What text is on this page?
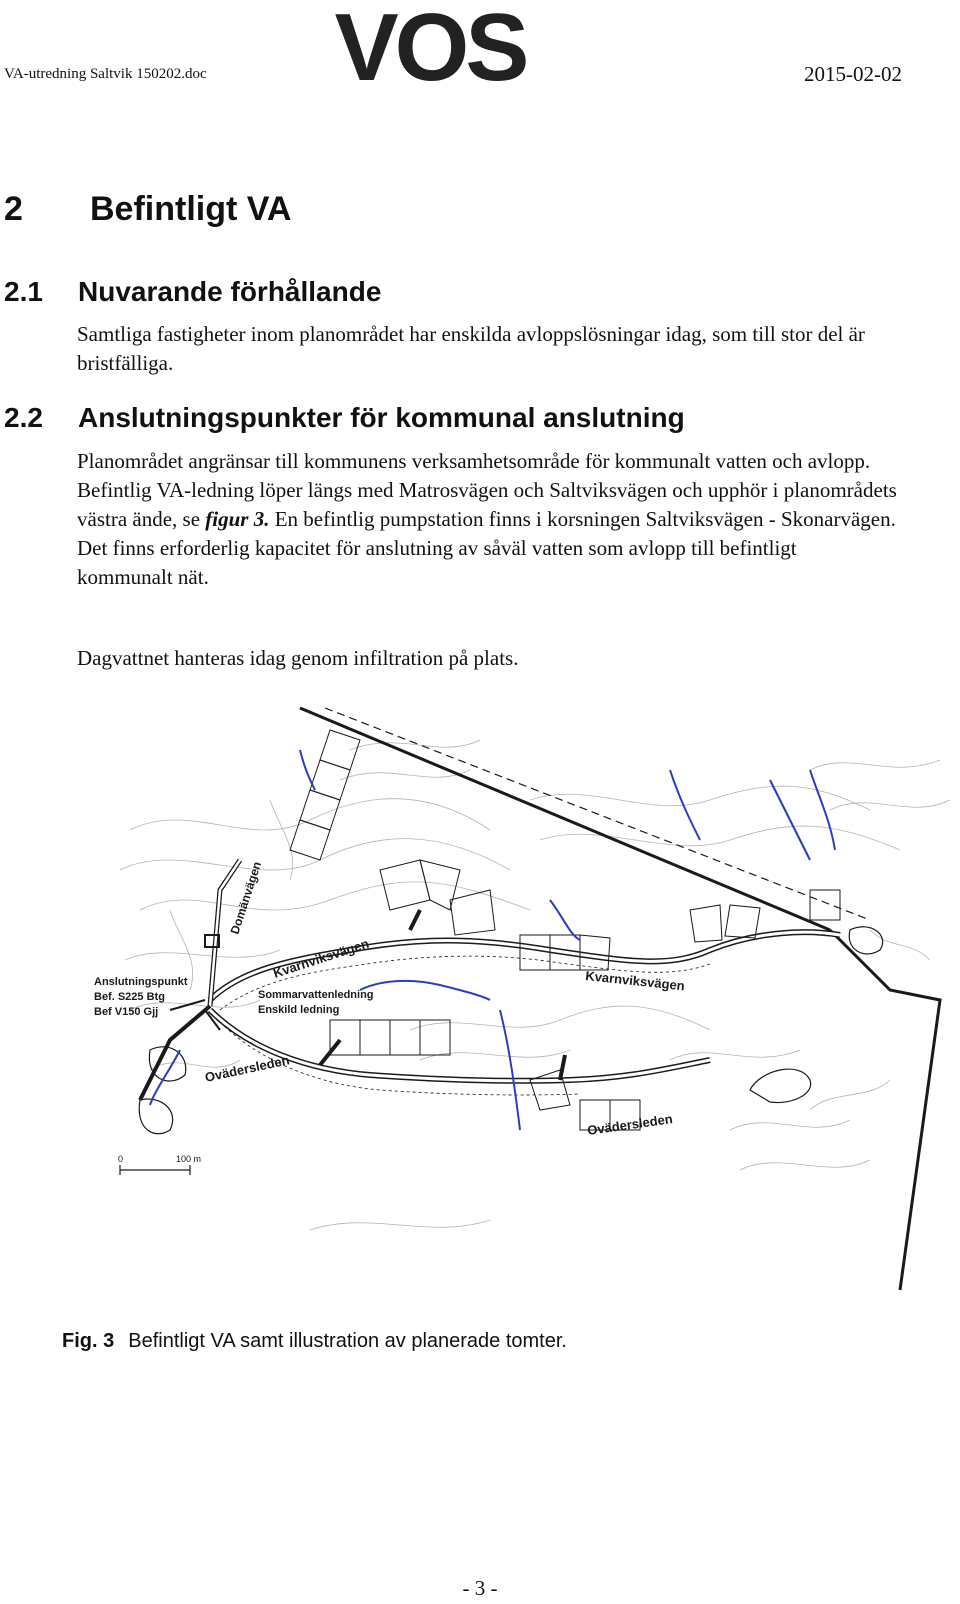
VA-utredning Saltvik 150202.doc VOS	2015-02-02
2 Befintligt VA
2.1 Nuvarande förhållande

Samtliga fastigheter inom planområdet har enskilda avloppslösningar idag, som till stor del är bristfälliga.

2.2 Anslutningspunkter för kommunal anslutning

Planområdet angränsar till kommunens verksamhetsområde för kommunalt vatten och avlopp. Befintlig VA-ledning löper längs med Matrosvägen och Saltviksvägen och upphör i planområdets västra ände, se figur 3. En befintlig pumpstation finns i korsningen Saltviksvägen - Skonarvägen. Det finns erforderlig kapacitet för anslutning av såväl vatten som avlopp till befintligt kommunalt nät.

Dagvattnet hanteras idag genom infiltration på plats.

0	100 m
Domänvägen
Kvarnviksvägen	Kvarnviksvägen
Ovädersleden
Ovädersleden
Anslutningspunkt
Bef. S225 Btg
Bef V150 Gjj
Sommarvattenledning
Enskild ledning
Fig. 3 Befintligt VA samt illustration av planerade tomter.
- 3 -
